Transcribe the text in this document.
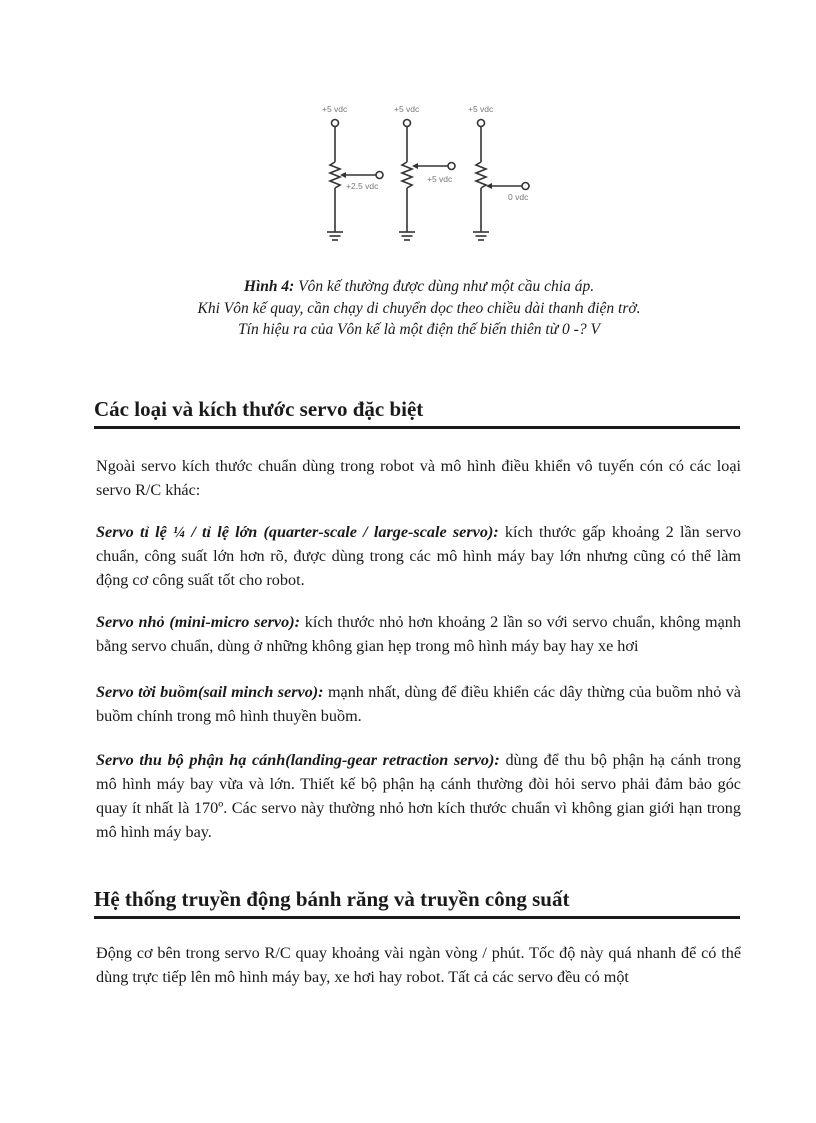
+5 vdc	+5 vdc	+5 vdc
+2.5 vdc
+5 vdc
0 vdc
Hình 4: Vôn kế thường được dùng như một cầu chia áp.
Khi Vôn kế quay, cần chạy di chuyển dọc theo chiều dài thanh điện trở.
Tín hiệu ra của Vôn kế là một điện thế biến thiên từ 0 -? V
Các loại và kích thước servo đặc biệt

Ngoài servo kích thước chuẩn dùng trong robot và mô hình điều khiển vô tuyến cón có các loại servo R/C khác:

Servo tỉ lệ ¼ / tỉ lệ lớn (quarter-scale / large-scale servo): kích thước gấp khoảng 2 lần servo chuẩn, công suất lớn hơn rõ, được dùng trong các mô hình máy bay lớn nhưng cũng có thể làm động cơ công suất tốt cho robot.

Servo nhỏ (mini-micro servo): kích thước nhỏ hơn khoảng 2 lần so với servo chuẩn, không mạnh bằng servo chuẩn, dùng ở những không gian hẹp trong mô hình máy bay hay xe hơi

Servo tời buồm(sail minch servo): mạnh nhất, dùng để điều khiển các dây thừng của buồm nhỏ và buồm chính trong mô hình thuyền buồm.

Servo thu bộ phận hạ cánh(landing-gear retraction servo): dùng để thu bộ phận hạ cánh trong mô hình máy bay vừa và lớn. Thiết kế bộ phận hạ cánh thường đòi hỏi servo phải đảm bảo góc quay ít nhất là 170º. Các servo này thường nhỏ hơn kích thước chuẩn vì không gian giới hạn trong mô hình máy bay.

Hệ thống truyền động bánh răng và truyền công suất

Động cơ bên trong servo R/C quay khoảng vài ngàn vòng / phút. Tốc độ này quá nhanh để có thể dùng trực tiếp lên mô hình máy bay, xe hơi hay robot. Tất cả các servo đều có một
